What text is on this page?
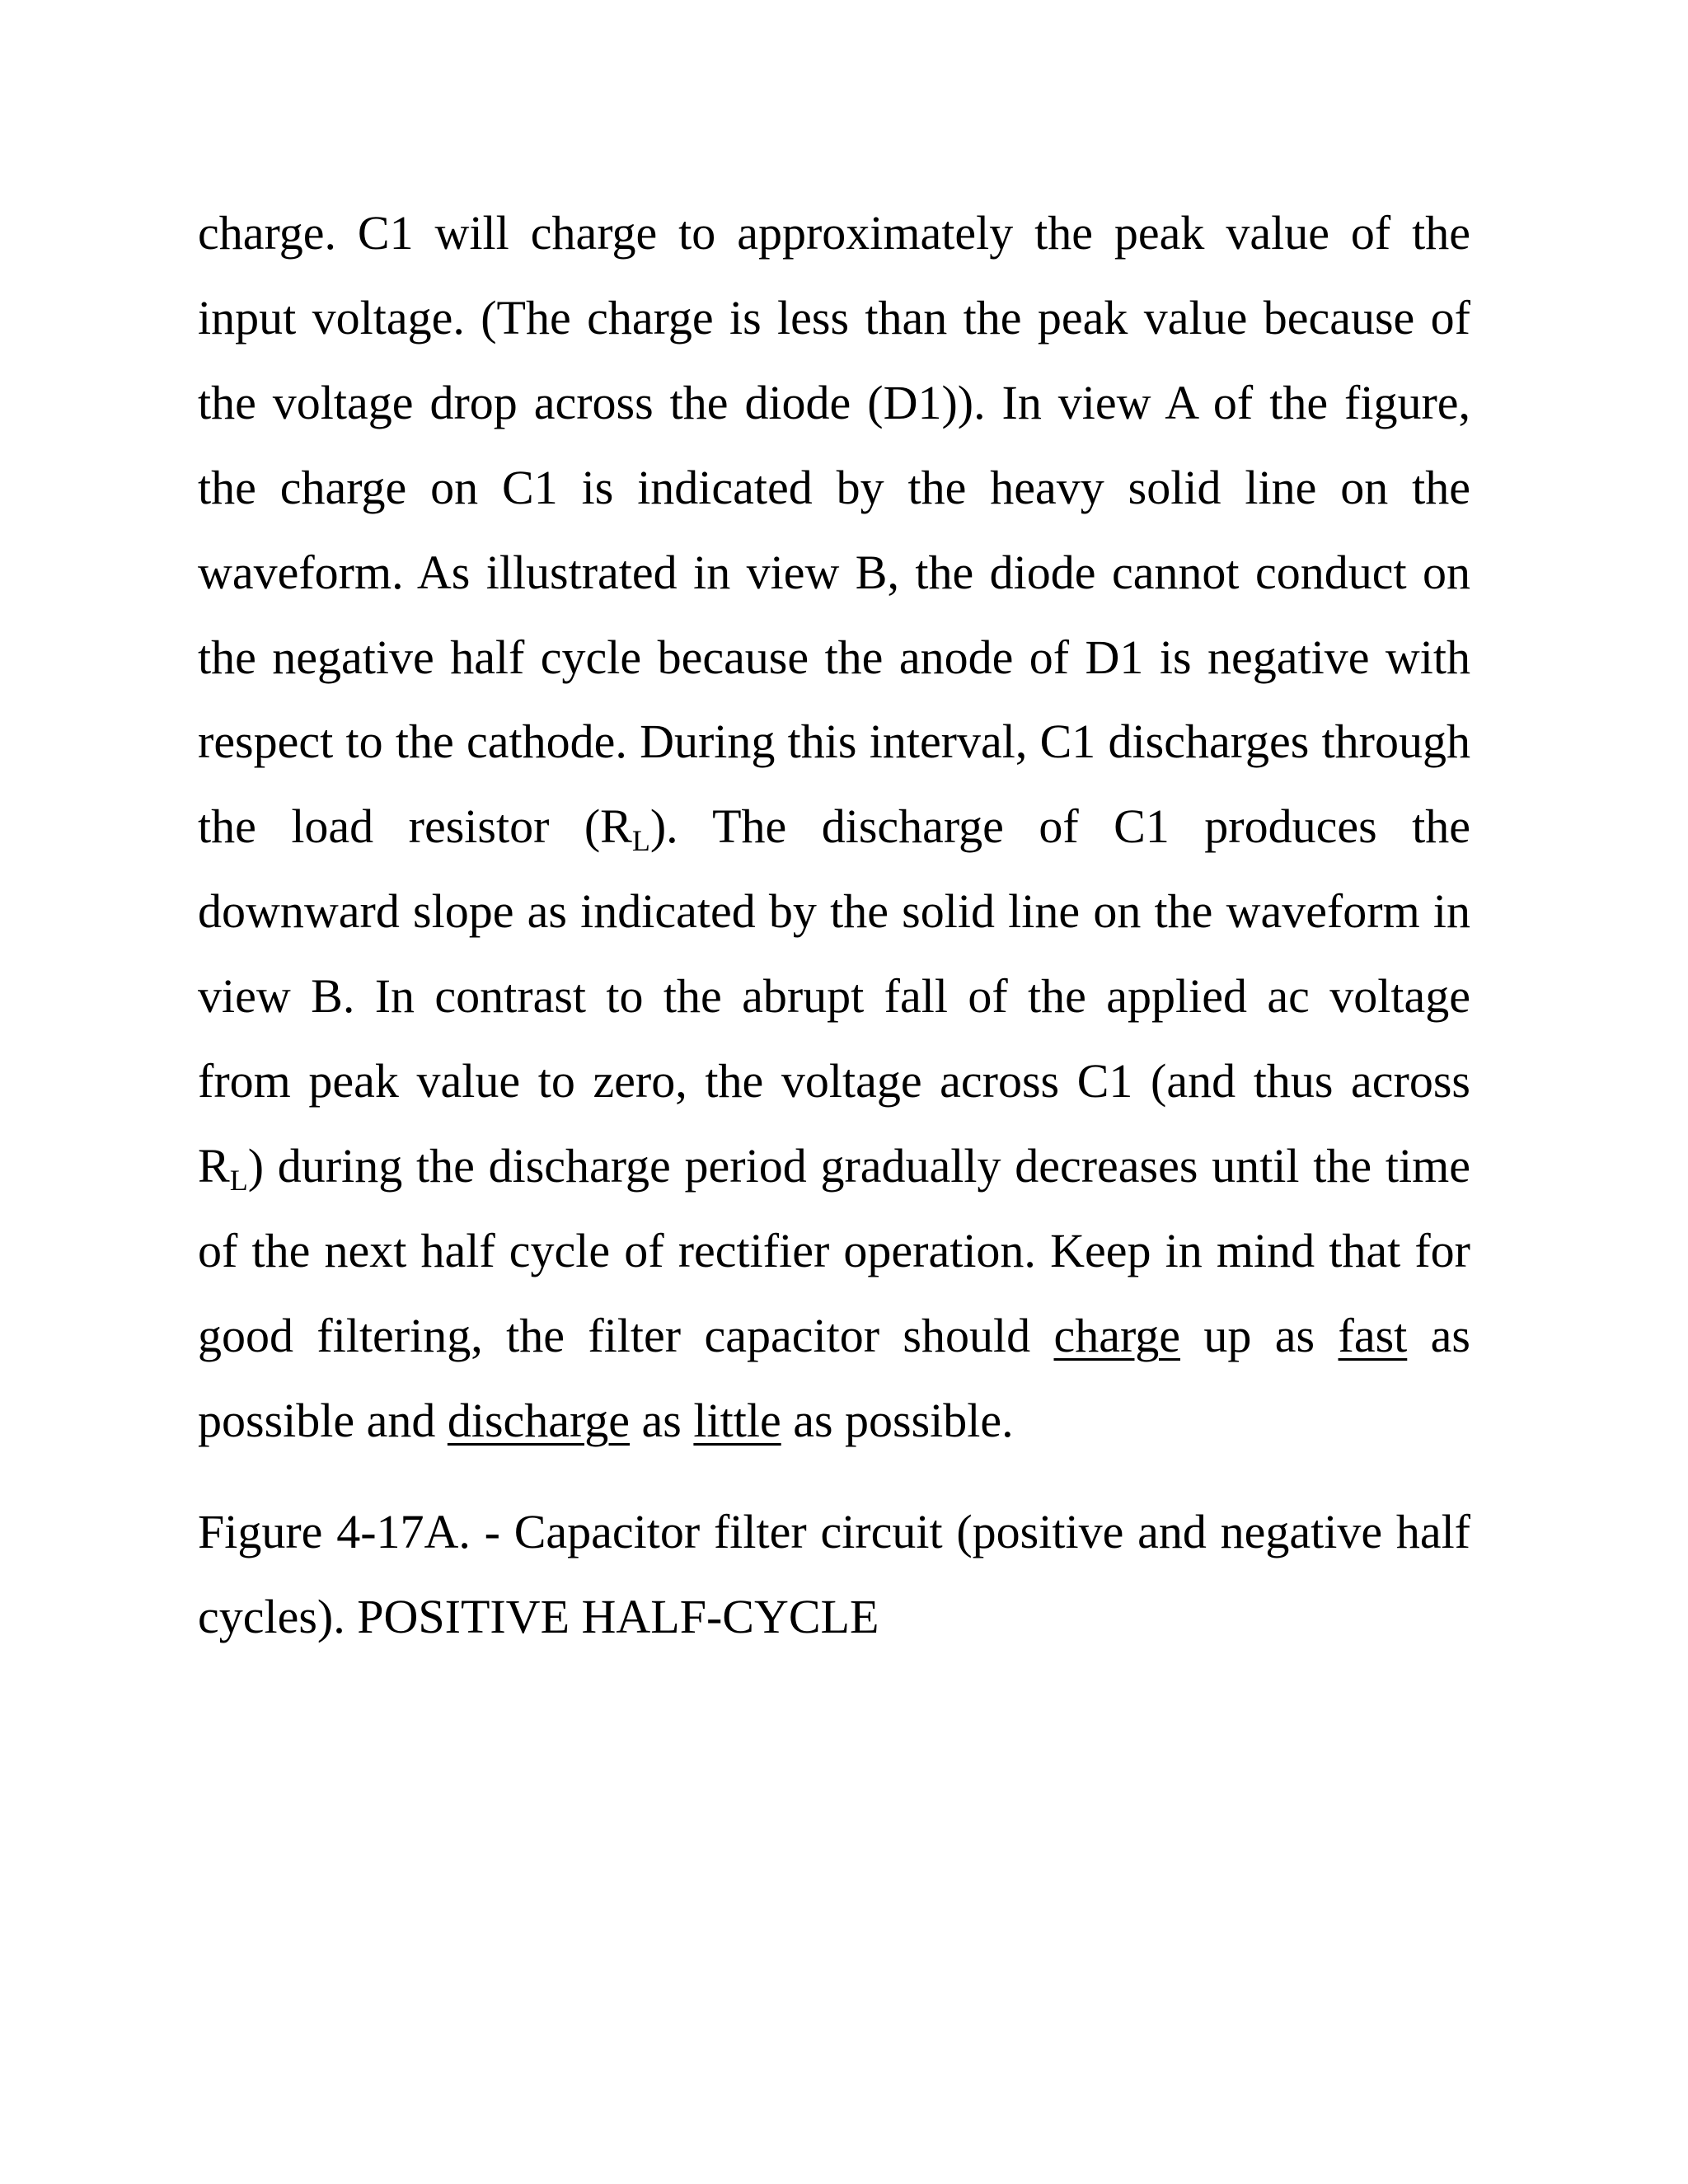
charge. C1 will charge to approximately the peak value of the input voltage. (The charge is less than the peak value because of the voltage drop across the diode (D1)). In view A of the figure, the charge on C1 is indicated by the heavy solid line on the waveform. As illustrated in view B, the diode cannot conduct on the negative half cycle because the anode of D1 is negative with respect to the cathode. During this interval, C1 discharges through the load resistor $(R_L)$. The discharge of C1 produces the downward slope as indicated by the solid line on the waveform in view B. In contrast to the abrupt fall of the applied ac voltage from peak value to zero, the voltage across C1 (and thus across $R_L$) during the discharge period gradually decreases until the time of the next half cycle of rectifier operation. Keep in mind that for good filtering, the filter capacitor should charge up as fast as possible and discharge as little as possible.

Figure 4-17A. - Capacitor filter circuit (positive and negative half cycles). POSITIVE HALF-CYCLE
